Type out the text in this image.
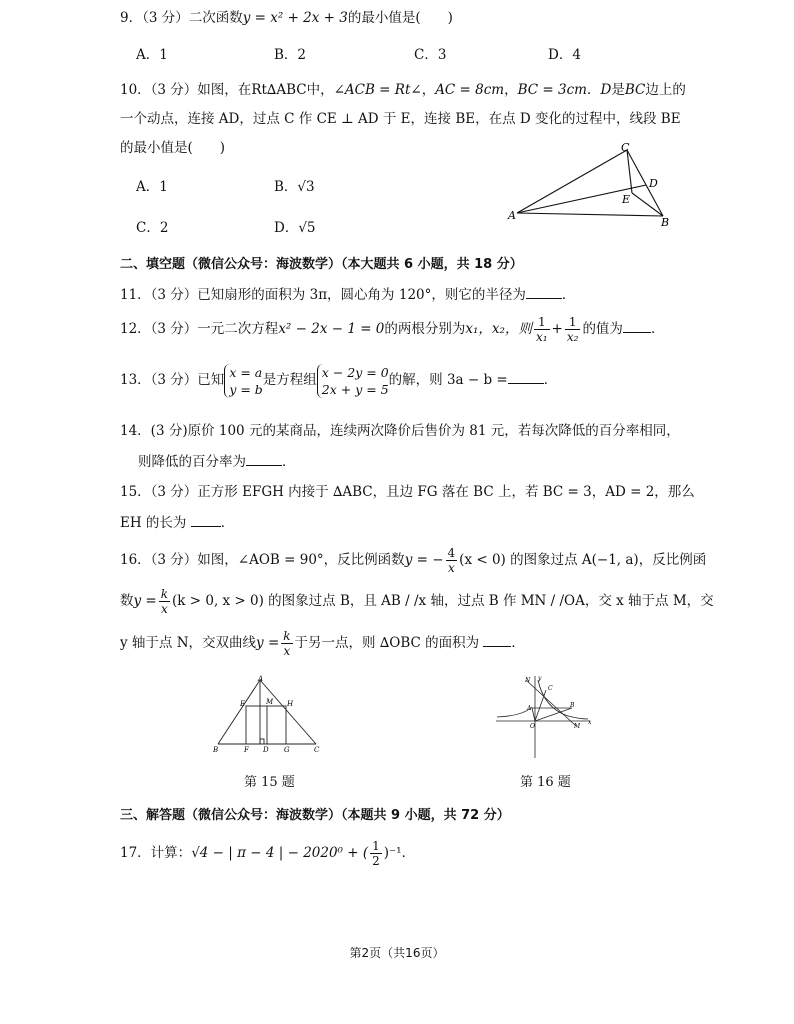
9．（3 分）二次函数y = x² + 2x + 3的最小值是(　　)
A．1	B．2	C．3	D．4
10．（3 分）如图，在Rt∆ABC中，∠ACB = Rt∠，AC = 8cm，BC = 3cm．D是BC边上的
一个动点，连接 AD，过点 C 作 CE ⊥ AD 于 E，连接 BE，在点 D 变化的过程中，线段 BE
的最小值是(　　)
A．1	B．√3
C．2	D．√5
C
D
E
A
B
二、填空题（微信公众号：海波数学）（本大题共 6 小题，共 18 分）
11．（3 分）已知扇形的面积为 3π，圆心角为 120°，则它的半径为	．
12．（3 分）一元二次方程x² − 2x − 1 = 0的两根分别为x₁，x₂，则 $\frac{1}{\text{x₁}} + \frac{1}{\text{x₂}}$ 的值为 ．
13．（3 分）已知 x = a
y = b是方程组 x − 2y = 0
2x + y = 5的解，则 3a − b =	．
14．(3 分)原价 100 元的某商品，连续两次降价后售价为 81 元，若每次降低的百分率相同，
则降低的百分率为	．
15．（3 分）正方形 EFGH 内接于 ∆ABC，且边 FG 落在 BC 上，若 BC = 3，AD = 2，那么
EH 的长为	．
16．（3 分）如图，∠AOB = 90°，反比例函数y = − $\frac{4}{x} (x < 0)$ 的图象过点 A(−1, a)，反比例函
数$y = \frac{k}{x} (k > 0$, x > 0) 的图象过点 B，且 AB / /x 轴，过点 B 作 MN / /OA，交 x 轴于点 M，交
y 轴于点 N，交双曲线$y = \frac{k}{x}$ 于另一点，则 ∆OBC 的面积为 ．
A
E	M H
B	F D G	C
第 15 题
N y
C
A	B
O	M
x
第 16 题
三、解答题（微信公众号：海波数学）（本题共 9 小题，共 72 分）
17．计算：√4 − | π − 4 | − 2020⁰ + ( $\frac{1}{2} )^{-1}$．
第2页（共16页）
